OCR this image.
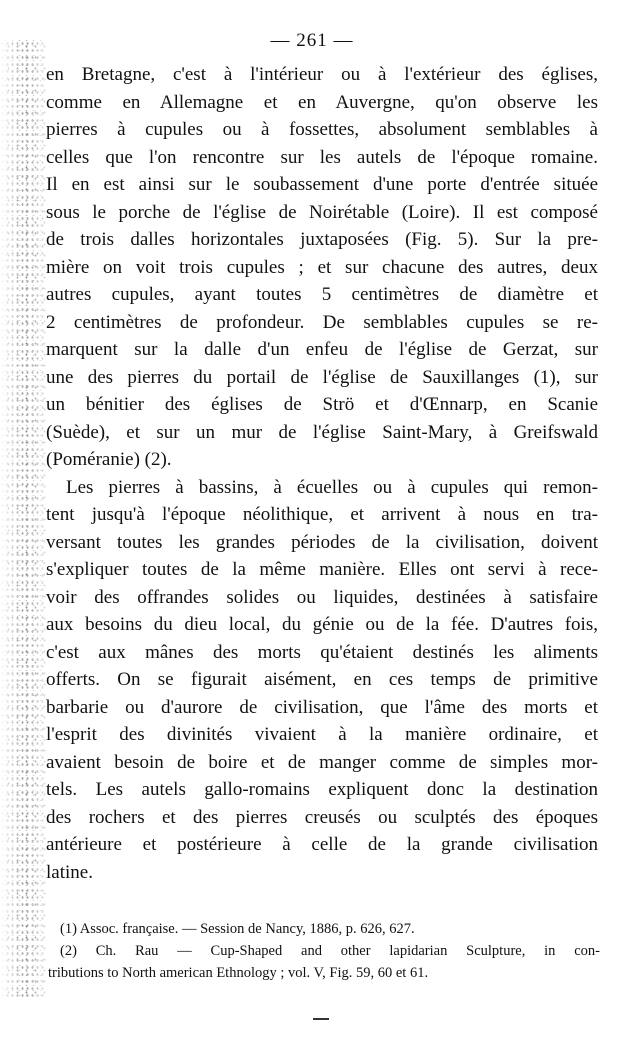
— 261 —
en Bretagne, c'est à l'intérieur ou à l'extérieur des églises,
comme en Allemagne et en Auvergne, qu'on observe les
pierres à cupules ou à fossettes, absolument semblables à
celles que l'on rencontre sur les autels de l'époque romaine.
Il en est ainsi sur le soubassement d'une porte d'entrée située
sous le porche de l'église de Noirétable (Loire). Il est composé
de trois dalles horizontales juxtaposées (Fig. 5). Sur la pre-
mière on voit trois cupules ; et sur chacune des autres, deux
autres cupules, ayant toutes 5 centimètres de diamètre et
2 centimètres de profondeur. De semblables cupules se re-
marquent sur la dalle d'un enfeu de l'église de Gerzat, sur
une des pierres du portail de l'église de Sauxillanges (1), sur
un bénitier des églises de Strö et d'Œnnarp, en Scanie
(Suède), et sur un mur de l'église Saint-Mary, à Greifswald
(Poméranie) (2).
Les pierres à bassins, à écuelles ou à cupules qui remon-
tent jusqu'à l'époque néolithique, et arrivent à nous en tra-
versant toutes les grandes périodes de la civilisation, doivent
s'expliquer toutes de la même manière. Elles ont servi à rece-
voir des offrandes solides ou liquides, destinées à satisfaire
aux besoins du dieu local, du génie ou de la fée. D'autres fois,
c'est aux mânes des morts qu'étaient destinés les aliments
offerts. On se figurait aisément, en ces temps de primitive
barbarie ou d'aurore de civilisation, que l'âme des morts et
l'esprit des divinités vivaient à la manière ordinaire, et
avaient besoin de boire et de manger comme de simples mor-
tels. Les autels gallo-romains expliquent donc la destination
des rochers et des pierres creusés ou sculptés des époques
antérieure et postérieure à celle de la grande civilisation
latine.
(1) Assoc. française. — Session de Nancy, 1886, p. 626, 627.
(2) Ch. Rau — Cup-Shaped and other lapidarian Sculpture, in con-
tributions to North american Ethnology ; vol. V, Fig. 59, 60 et 61.
